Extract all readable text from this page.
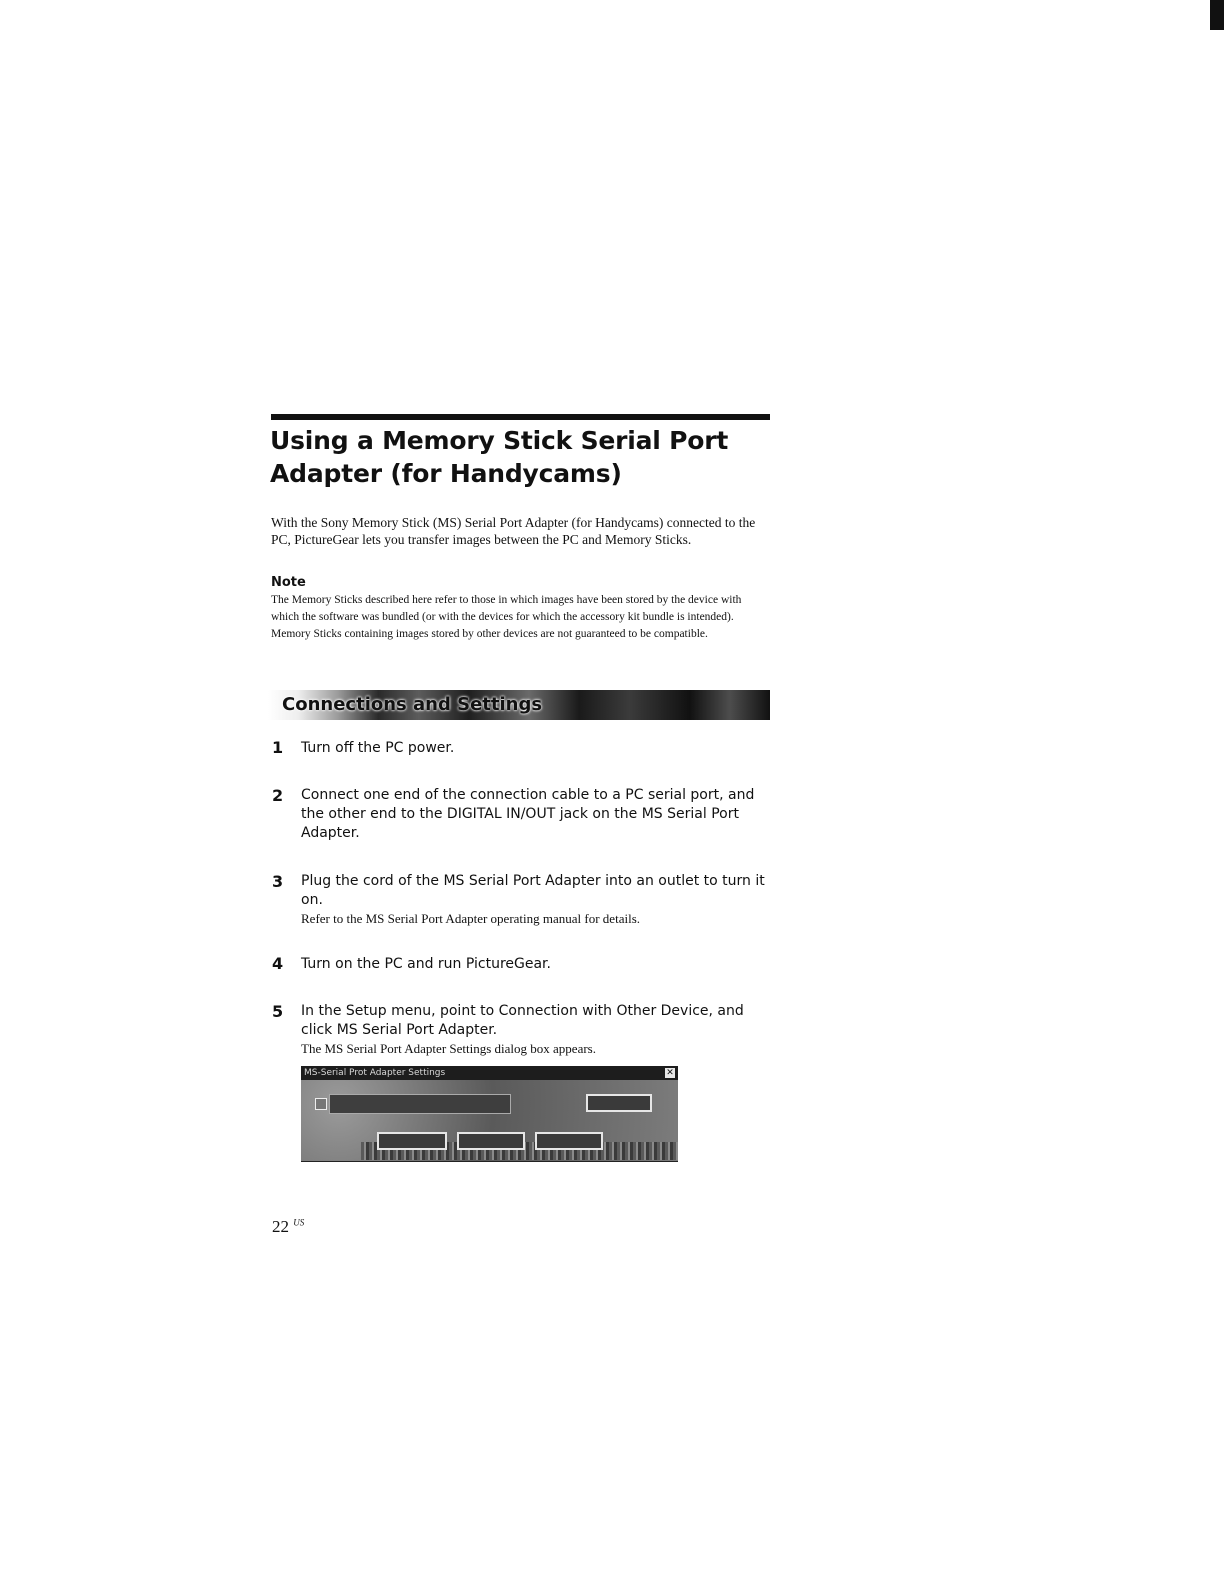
Using a Memory Stick Serial Port Adapter (for Handycams)
With the Sony Memory Stick (MS) Serial Port Adapter (for Handycams) connected to the PC, PictureGear lets you transfer images between the PC and Memory Sticks.
Note
The Memory Sticks described here refer to those in which images have been stored by the device with which the software was bundled (or with the devices for which the accessory kit bundle is intended). Memory Sticks containing images stored by other devices are not guaranteed to be compatible.
Connections and Settings
1 Turn off the PC power.
2 Connect one end of the connection cable to a PC serial port, and the other end to the DIGITAL IN/OUT jack on the MS Serial Port Adapter.
3 Plug the cord of the MS Serial Port Adapter into an outlet to turn it on.
Refer to the MS Serial Port Adapter operating manual for details.
4 Turn on the PC and run PictureGear.
5 In the Setup menu, point to Connection with Other Device, and click MS Serial Port Adapter.
The MS Serial Port Adapter Settings dialog box appears.
MS-Serial Prot Adapter Settings	✕
22 $^{US}$
